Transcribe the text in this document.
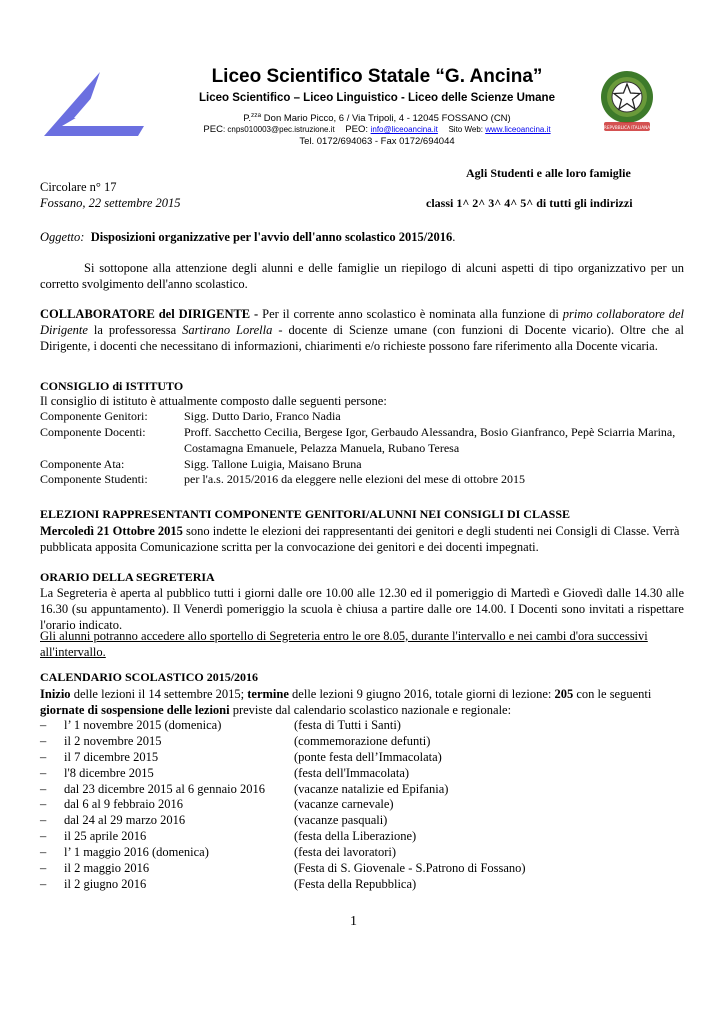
REPVBBLICA ITALIANA
Liceo Scientifico Statale “G. Ancina”
Liceo Scientifico – Liceo Linguistico - Liceo delle Scienze Umane
P.$^{zza}$ Don Mario Picco, 6 / Via Tripoli, 4 - 12045 FOSSANO (CN)
PEC: cnps010003@pec.istruzione.it PEO: info@liceoancina.it Sito Web: www.liceoancina.it
Tel. 0172/694063 - Fax 0172/694044
Agli Studenti e alle loro famiglie
Circolare n° 17
Fossano, 22 settembre 2015	classi 1^ 2^ 3^ 4^ 5^ di tutti gli indirizzi
Oggetto: Disposizioni organizzative per l'avvio dell'anno scolastico 2015/2016.
Si sottopone alla attenzione degli alunni e delle famiglie un riepilogo di alcuni aspetti di tipo organizzativo per un corretto svolgimento dell'anno scolastico.
COLLABORATORE del DIRIGENTE - Per il corrente anno scolastico è nominata alla funzione di primo collaboratore del Dirigente la professoressa Sartirano Lorella - docente di Scienze umane (con funzioni di Docente vicario). Oltre che al Dirigente, i docenti che necessitano di informazioni, chiarimenti e/o richieste possono fare riferimento alla Docente vicaria.
CONSIGLIO di ISTITUTO
Il consiglio di istituto è attualmente composto dalle seguenti persone:
Componente Genitori:	Sigg. Dutto Dario, Franco Nadia
Componente Docenti:	Proff. Sacchetto Cecilia, Bergese Igor, Gerbaudo Alessandra, Bosio Gianfranco, Pepè Sciarria Marina, Costamagna Emanuele, Pelazza Manuela, Rubano Teresa
Componente Ata:	Sigg. Tallone Luigia, Maisano Bruna
Componente Studenti:	per l'a.s. 2015/2016 da eleggere nelle elezioni del mese di ottobre 2015
ELEZIONI RAPPRESENTANTI COMPONENTE GENITORI/ALUNNI NEI CONSIGLI DI CLASSE
Mercoledì 21 Ottobre 2015 sono indette le elezioni dei rappresentanti dei genitori e degli studenti nei Consigli di Classe. Verrà pubblicata apposita Comunicazione scritta per la convocazione dei genitori e dei docenti impegnati.
ORARIO DELLA SEGRETERIA
La Segreteria è aperta al pubblico tutti i giorni dalle ore 10.00 alle 12.30 ed il pomeriggio di Martedì e Giovedì dalle 14.30 alle 16.30 (su appuntamento). Il Venerdì pomeriggio la scuola è chiusa a partire dalle ore 14.00. I Docenti sono invitati a rispettare l'orario indicato.
Gli alunni potranno accedere allo sportello di Segreteria entro le ore 8.05, durante l'intervallo e nei cambi d'ora successivi all'intervallo.
CALENDARIO SCOLASTICO 2015/2016
Inizio delle lezioni il 14 settembre 2015; termine delle lezioni 9 giugno 2016, totale giorni di lezione: 205 con le seguenti giornate di sospensione delle lezioni previste dal calendario scolastico nazionale e regionale:
– l’ 1 novembre 2015 (domenica)	(festa di Tutti i Santi)
– il 2 novembre 2015	(commemorazione defunti)
– il 7 dicembre 2015	(ponte festa dell’Immacolata)
– l'8 dicembre 2015	(festa dell'Immacolata)
– dal 23 dicembre 2015 al 6 gennaio 2016 (vacanze natalizie ed Epifania)
– dal 6 al 9 febbraio 2016	(vacanze carnevale)
– dal 24 al 29 marzo 2016	(vacanze pasquali)
– il 25 aprile 2016	(festa della Liberazione)
– l’ 1 maggio 2016 (domenica)	(festa dei lavoratori)
– il 2 maggio 2016	(Festa di S. Giovenale - S.Patrono di Fossano)
– il 2 giugno 2016	(Festa della Repubblica)
1
